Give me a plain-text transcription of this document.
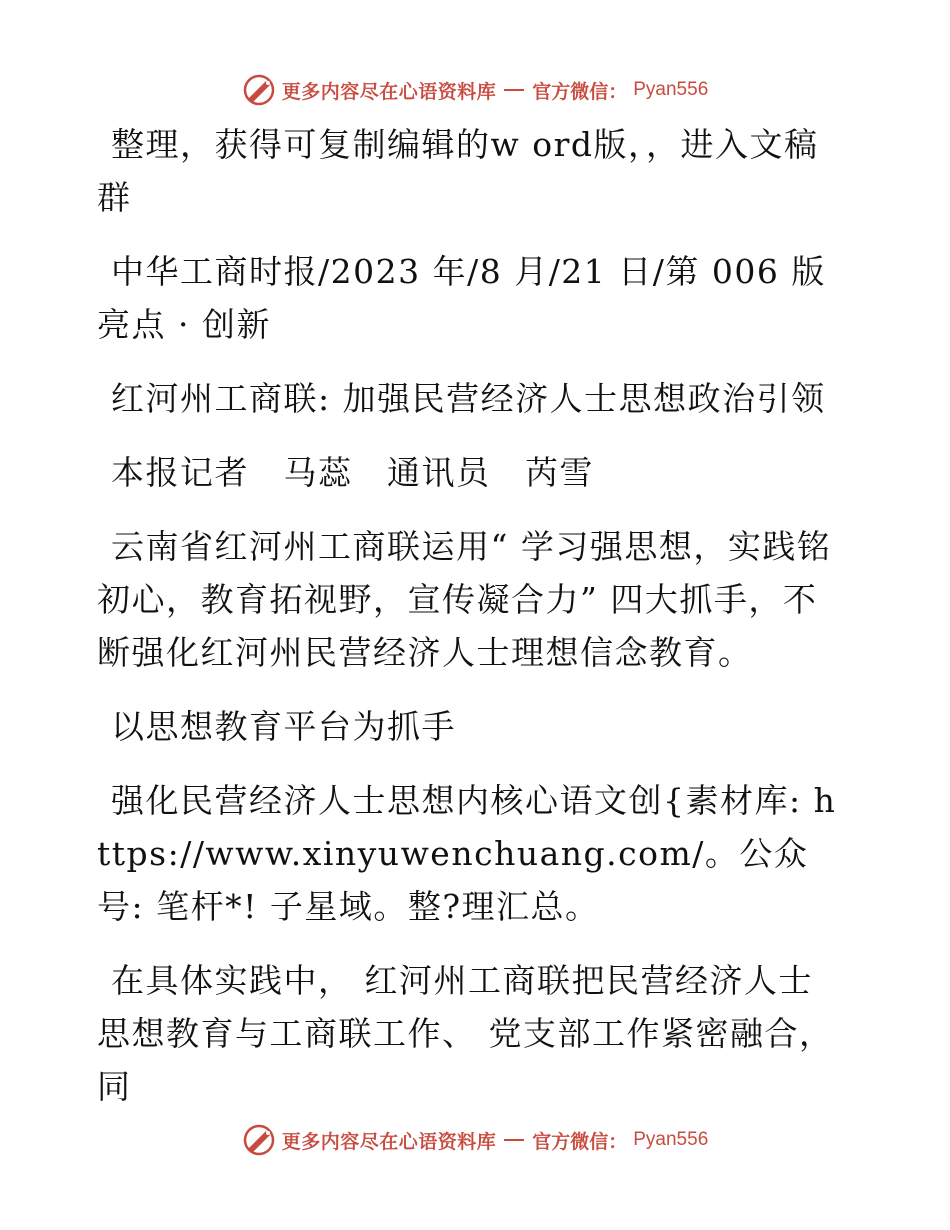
更多内容尽在心语资料库 官方微信： Pyan556

整理，获得可复制编辑的w ord版，，进入文稿群

中华工商时报/2023 年/8 月/21 日/第 006 版亮点 · 创新

红河州工商联: 加强民营经济人士思想政治引领

本报记者　马蕊　通讯员　芮雪

云南省红河州工商联运用“ 学习强思想，实践铭初心，教育拓视野，宣传凝合力” 四大抓手，不断强化红河州民营经济人士理想信念教育。

以思想教育平台为抓手

强化民营经济人士思想内核心语文创{素材库: https://www.xinyuwenchuang.com/。公众号: 笔杆*! 子星域。整?理汇总。

在具体实践中， 红河州工商联把民营经济人士思想教育与工商联工作、 党支部工作紧密融合，同

更多内容尽在心语资料库 官方微信： Pyan556
